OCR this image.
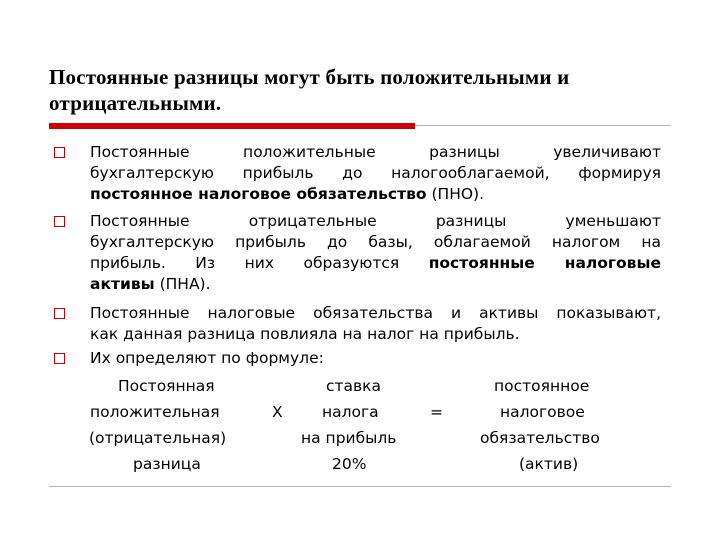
Постоянные разницы могут быть положительными и отрицательными.
Постоянные положительные разницы увеличивают
бухгалтерскую прибыль до налогооблагаемой, формируя
постоянное налоговое обязательство (ПНО).
Постоянные отрицательные разницы уменьшают
бухгалтерскую прибыль до базы, облагаемой налогом на
прибыль. Из них образуются постоянные налоговые
активы (ПНА).
Постоянные налоговые обязательства и активы показывают,
как данная разница повлияла на налог на прибыль.
Их определяют по формуле:
Постоянная	ставка	постоянное
положительная	X	налога	=	налоговое
(отрицательная)	на прибыль	обязательство
разница	20%	(актив)
